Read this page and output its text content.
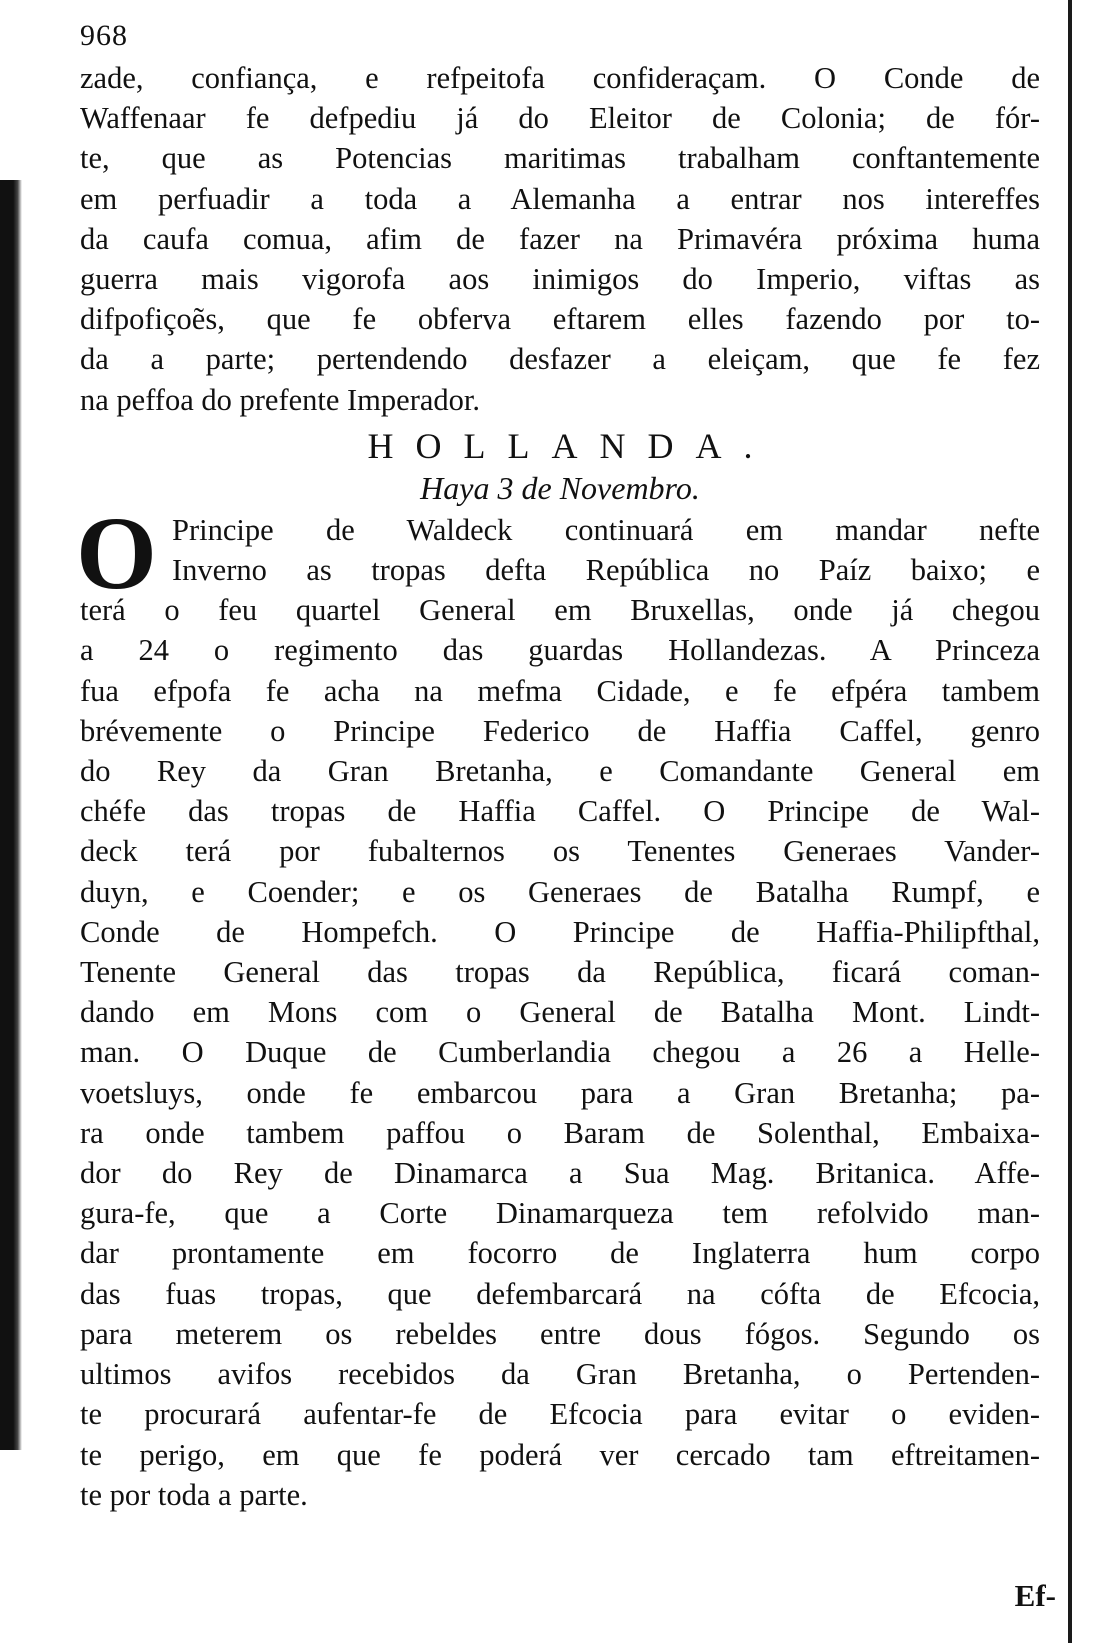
968
zade, confiança, e refpeitofa confideraçam. O Conde de
Waffenaar fe defpediu já do Eleitor de Colonia; de fór-
te, que as Potencias maritimas trabalham conftantemente
em perfuadir a toda a Alemanha a entrar nos intereffes
da caufa comua, afim de fazer na Primavéra próxima huma
guerra mais vigorofa aos inimigos do Imperio, viftas as
difpofiçoẽs, que fe obferva eftarem elles fazendo por to-
da a parte; pertendendo desfazer a eleiçam, que fe fez
na peffoa do prefente Imperador.
HOLLANDA.
Haya 3 de Novembro.
O Principe de Waldeck continuará em mandar nefte
Inverno as tropas defta República no Paíz baixo; e
terá o feu quartel General em Bruxellas, onde já chegou
a 24 o regimento das guardas Hollandezas. A Princeza
fua efpofa fe acha na mefma Cidade, e fe efpéra tambem
brévemente o Principe Federico de Haffia Caffel, genro
do Rey da Gran Bretanha, e Comandante General em
chéfe das tropas de Haffia Caffel. O Principe de Wal-
deck terá por fubalternos os Tenentes Generaes Vander-
duyn, e Coender; e os Generaes de Batalha Rumpf, e
Conde de Hompefch. O Principe de Haffia-Philipfthal,
Tenente General das tropas da República, ficará coman-
dando em Mons com o General de Batalha Mont. Lindt-
man. O Duque de Cumberlandia chegou a 26 a Helle-
voetsluys, onde fe embarcou para a Gran Bretanha; pa-
ra onde tambem paffou o Baram de Solenthal, Embaixa-
dor do Rey de Dinamarca a Sua Mag. Britanica. Affe-
gura-fe, que a Corte Dinamarqueza tem refolvido man-
dar prontamente em focorro de Inglaterra hum corpo
das fuas tropas, que defembarcará na cófta de Efcocia,
para meterem os rebeldes entre dous fógos. Segundo os
ultimos avifos recebidos da Gran Bretanha, o Pertenden-
te procurará aufentar-fe de Efcocia para evitar o eviden-
te perigo, em que fe poderá ver cercado tam eftreitamen-
te por toda a parte.
Ef-
